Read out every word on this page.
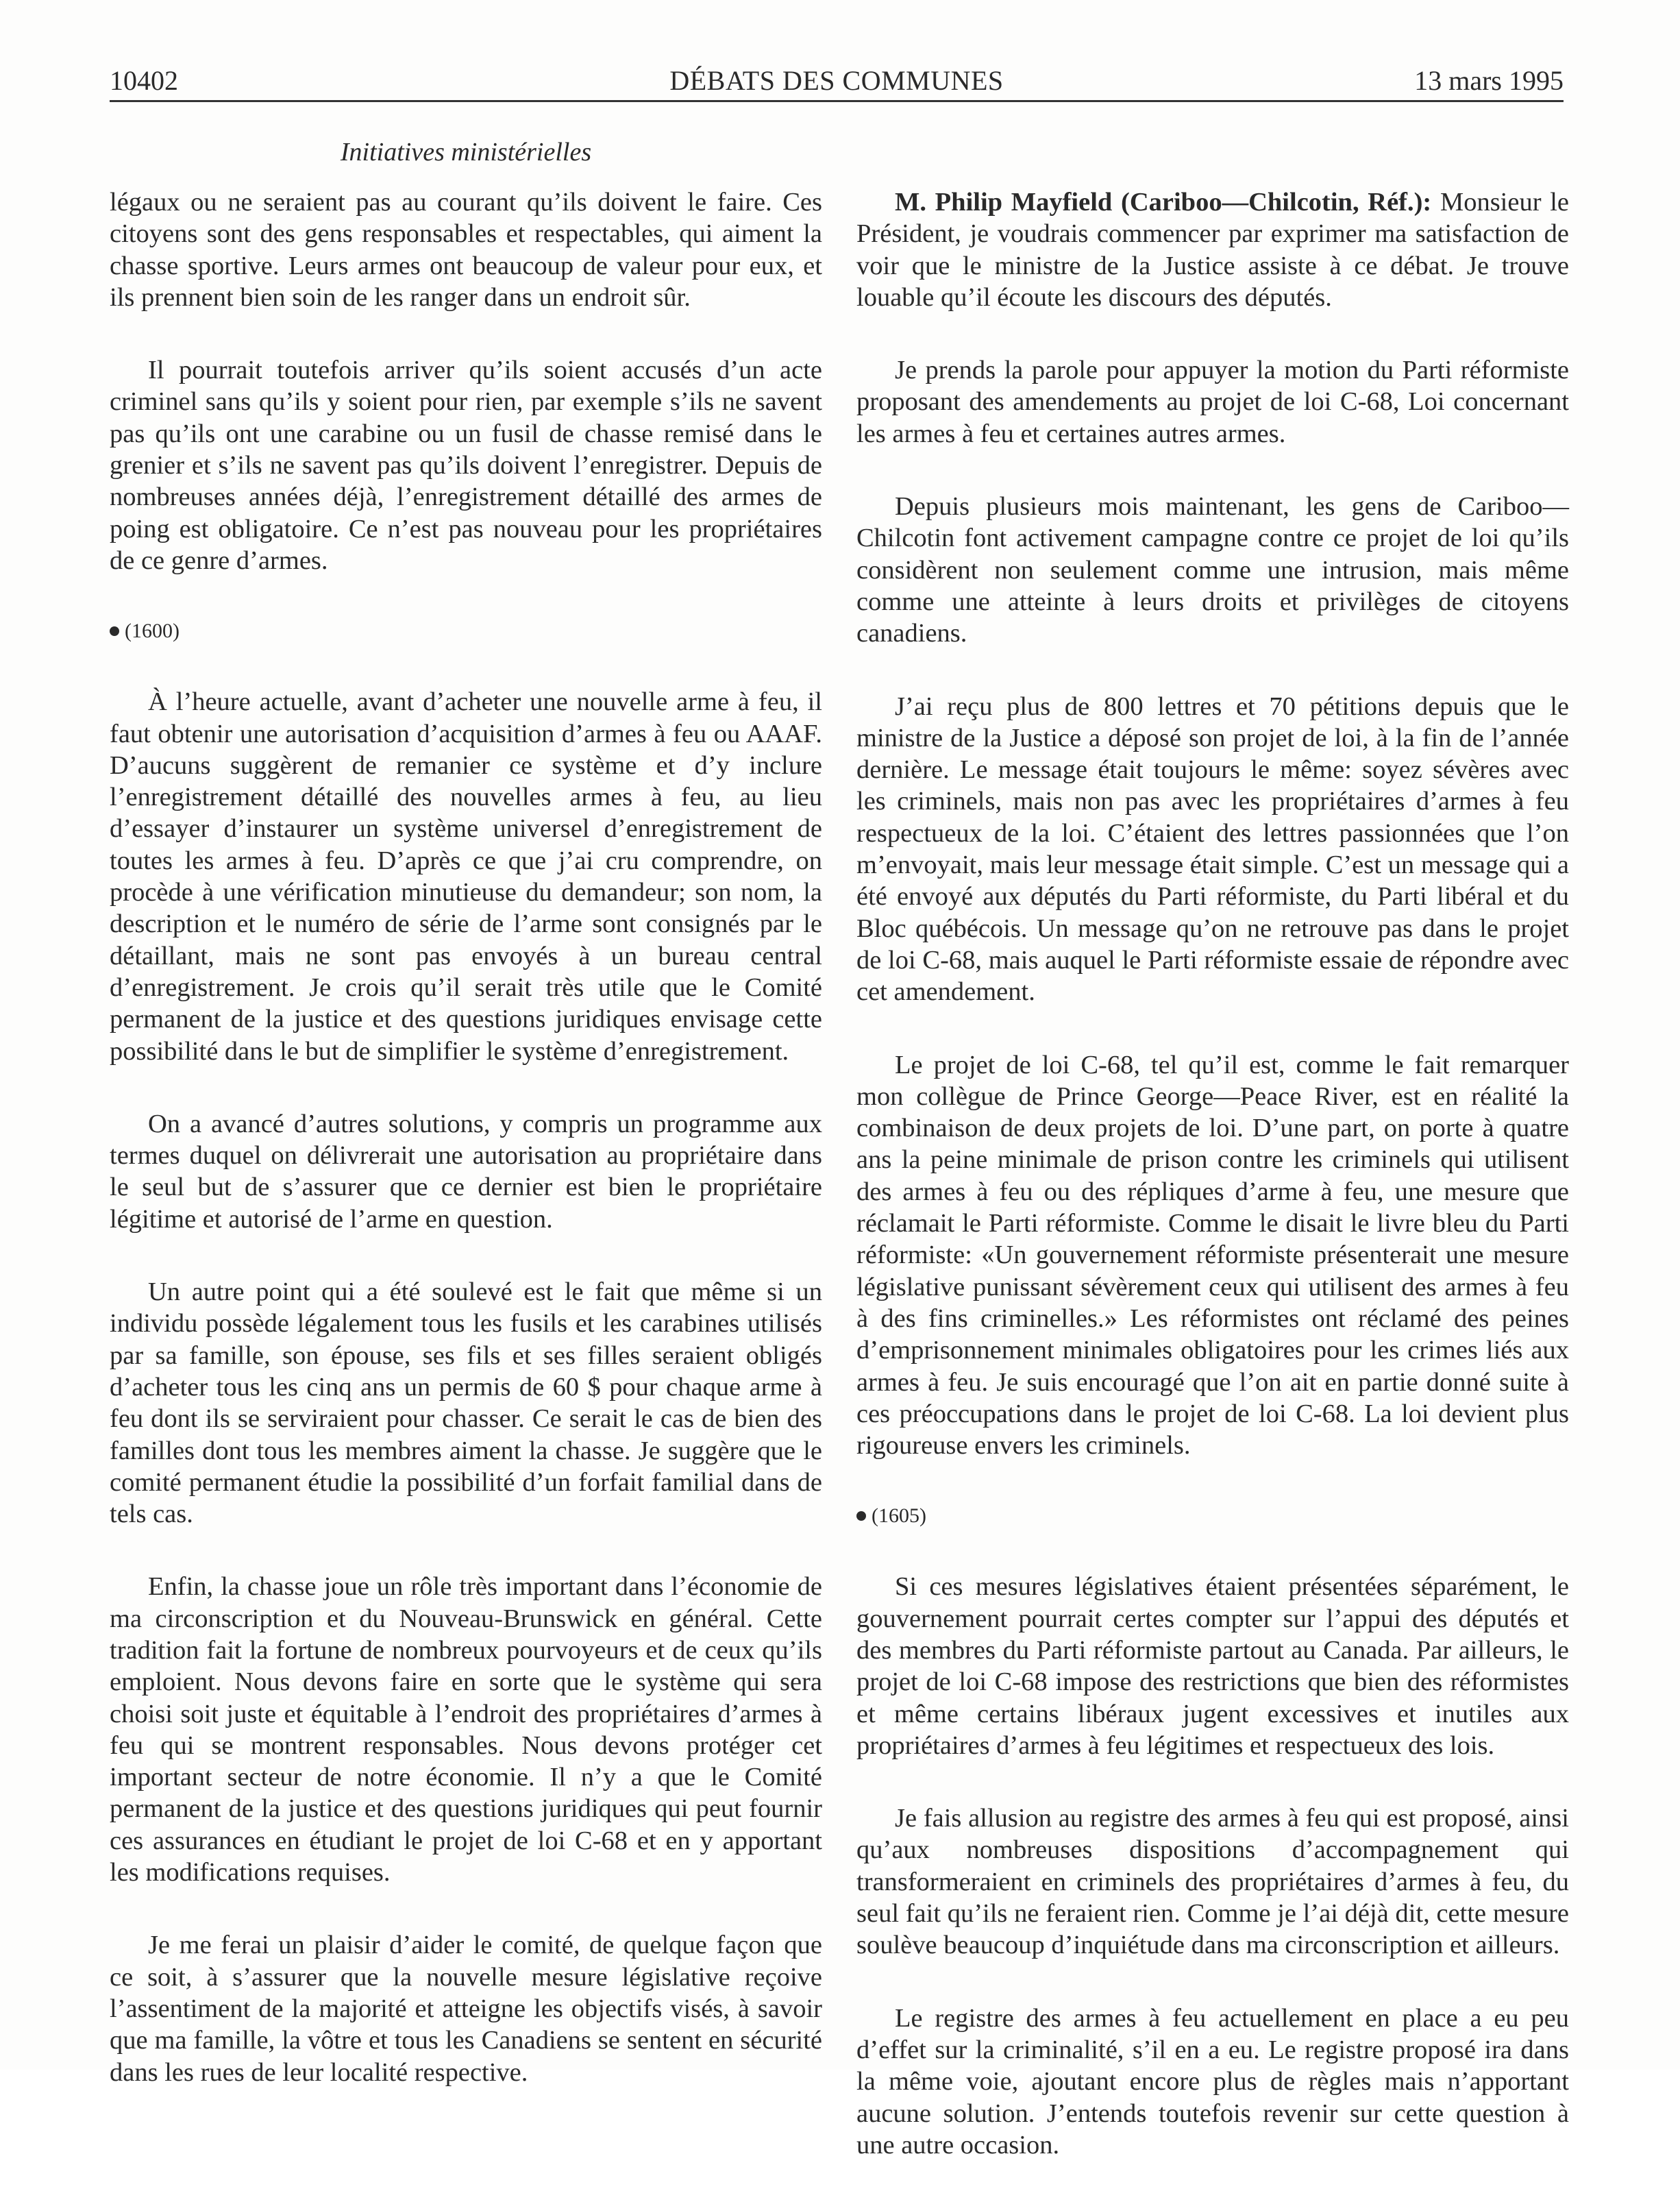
10402	DÉBATS DES COMMUNES	13 mars 1995
Initiatives ministérielles

légaux ou ne seraient pas au courant qu’ils doivent le faire. Ces citoyens sont des gens responsables et respectables, qui aiment la chasse sportive. Leurs armes ont beaucoup de valeur pour eux, et ils prennent bien soin de les ranger dans un endroit sûr.

Il pourrait toutefois arriver qu’ils soient accusés d’un acte criminel sans qu’ils y soient pour rien, par exemple s’ils ne savent pas qu’ils ont une carabine ou un fusil de chasse remisé dans le grenier et s’ils ne savent pas qu’ils doivent l’enregistrer. Depuis de nombreuses années déjà, l’enregistrement détaillé des armes de poing est obligatoire. Ce n’est pas nouveau pour les propriétaires de ce genre d’armes.

(1600)

À l’heure actuelle, avant d’acheter une nouvelle arme à feu, il faut obtenir une autorisation d’acquisition d’armes à feu ou AAAF. D’aucuns suggèrent de remanier ce système et d’y inclure l’enregistrement détaillé des nouvelles armes à feu, au lieu d’essayer d’instaurer un système universel d’enregistrement de toutes les armes à feu. D’après ce que j’ai cru comprendre, on procède à une vérification minutieuse du demandeur; son nom, la description et le numéro de série de l’arme sont consignés par le détaillant, mais ne sont pas envoyés à un bureau central d’enregistrement. Je crois qu’il serait très utile que le Comité permanent de la justice et des questions juridiques envisage cette possibilité dans le but de simplifier le système d’enregistrement.

On a avancé d’autres solutions, y compris un programme aux termes duquel on délivrerait une autorisation au propriétaire dans le seul but de s’assurer que ce dernier est bien le propriétaire légitime et autorisé de l’arme en question.

Un autre point qui a été soulevé est le fait que même si un individu possède légalement tous les fusils et les carabines utilisés par sa famille, son épouse, ses fils et ses filles seraient obligés d’acheter tous les cinq ans un permis de 60 $ pour chaque arme à feu dont ils se serviraient pour chasser. Ce serait le cas de bien des familles dont tous les membres aiment la chasse. Je suggère que le comité permanent étudie la possibilité d’un forfait familial dans de tels cas.

Enfin, la chasse joue un rôle très important dans l’économie de ma circonscription et du Nouveau-Brunswick en général. Cette tradition fait la fortune de nombreux pourvoyeurs et de ceux qu’ils emploient. Nous devons faire en sorte que le système qui sera choisi soit juste et équitable à l’endroit des propriétaires d’armes à feu qui se montrent responsables. Nous devons protéger cet important secteur de notre économie. Il n’y a que le Comité permanent de la justice et des questions juridiques qui peut fournir ces assurances en étudiant le projet de loi C-68 et en y apportant les modifications requises.

Je me ferai un plaisir d’aider le comité, de quelque façon que ce soit, à s’assurer que la nouvelle mesure législative reçoive l’assentiment de la majorité et atteigne les objectifs visés, à savoir que ma famille, la vôtre et tous les Canadiens se sentent en sécurité dans les rues de leur localité respective.

M. Philip Mayfield (Cariboo—Chilcotin, Réf.): Monsieur le Président, je voudrais commencer par exprimer ma satisfaction de voir que le ministre de la Justice assiste à ce débat. Je trouve louable qu’il écoute les discours des députés.

Je prends la parole pour appuyer la motion du Parti réformiste proposant des amendements au projet de loi C-68, Loi concernant les armes à feu et certaines autres armes.

Depuis plusieurs mois maintenant, les gens de Cariboo—Chilcotin font activement campagne contre ce projet de loi qu’ils considèrent non seulement comme une intrusion, mais même comme une atteinte à leurs droits et privilèges de citoyens canadiens.

J’ai reçu plus de 800 lettres et 70 pétitions depuis que le ministre de la Justice a déposé son projet de loi, à la fin de l’année dernière. Le message était toujours le même: soyez sévères avec les criminels, mais non pas avec les propriétaires d’armes à feu respectueux de la loi. C’étaient des lettres passionnées que l’on m’envoyait, mais leur message était simple. C’est un message qui a été envoyé aux députés du Parti réformiste, du Parti libéral et du Bloc québécois. Un message qu’on ne retrouve pas dans le projet de loi C-68, mais auquel le Parti réformiste essaie de répondre avec cet amendement.

Le projet de loi C-68, tel qu’il est, comme le fait remarquer mon collègue de Prince George—Peace River, est en réalité la combinaison de deux projets de loi. D’une part, on porte à quatre ans la peine minimale de prison contre les criminels qui utilisent des armes à feu ou des répliques d’arme à feu, une mesure que réclamait le Parti réformiste. Comme le disait le livre bleu du Parti réformiste: «Un gouvernement réformiste présenterait une mesure législative punissant sévèrement ceux qui utilisent des armes à feu à des fins criminelles.» Les réformistes ont réclamé des peines d’emprisonnement minimales obligatoires pour les crimes liés aux armes à feu. Je suis encouragé que l’on ait en partie donné suite à ces préoccupations dans le projet de loi C-68. La loi devient plus rigoureuse envers les criminels.

(1605)

Si ces mesures législatives étaient présentées séparément, le gouvernement pourrait certes compter sur l’appui des députés et des membres du Parti réformiste partout au Canada. Par ailleurs, le projet de loi C-68 impose des restrictions que bien des réformistes et même certains libéraux jugent excessives et inutiles aux propriétaires d’armes à feu légitimes et respectueux des lois.

Je fais allusion au registre des armes à feu qui est proposé, ainsi qu’aux nombreuses dispositions d’accompagnement qui transformeraient en criminels des propriétaires d’armes à feu, du seul fait qu’ils ne feraient rien. Comme je l’ai déjà dit, cette mesure soulève beaucoup d’inquiétude dans ma circonscription et ailleurs.

Le registre des armes à feu actuellement en place a eu peu d’effet sur la criminalité, s’il en a eu. Le registre proposé ira dans la même voie, ajoutant encore plus de règles mais n’apportant aucune solution. J’entends toutefois revenir sur cette question à une autre occasion.
